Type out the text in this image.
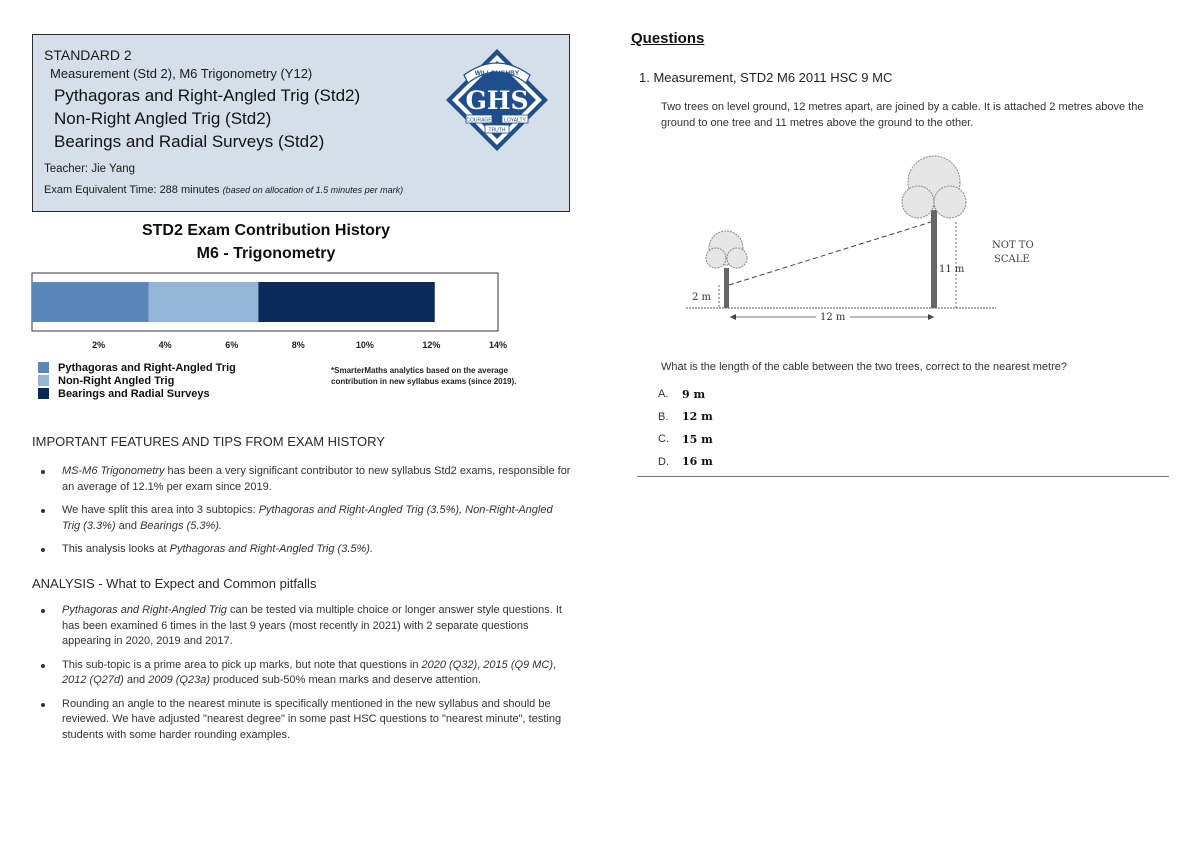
STANDARD 2
Measurement (Std 2), M6 Trigonometry (Y12)
Pythagoras and Right-Angled Trig (Std2)
Non-Right Angled Trig (Std2)
Bearings and Radial Surveys (Std2)
Teacher: Jie Yang
Exam Equivalent Time: 288 minutes (based on allocation of 1.5 minutes per mark)
GHS
WILLOUGHBY
COURAGE LOYALTY
TRUTH
STD2 Exam Contribution History
M6 - Trigonometry
2%	4%	6%	8%	10%	12%	14%
Pythagoras and Right-Angled Trig
Non-Right Angled Trig
Bearings and Radial Surveys
*SmarterMaths analytics based on the average contribution in new syllabus exams (since 2019).
IMPORTANT FEATURES AND TIPS FROM EXAM HISTORY
MS-M6 Trigonometry has been a very significant contributor to new syllabus Std2 exams, responsible for an average of 12.1% per exam since 2019.
We have split this area into 3 subtopics: Pythagoras and Right-Angled Trig (3.5%), Non-Right-Angled Trig (3.3%) and Bearings (5.3%).
This analysis looks at Pythagoras and Right-Angled Trig (3.5%).
ANALYSIS - What to Expect and Common pitfalls
Pythagoras and Right-Angled Trig can be tested via multiple choice or longer answer style questions. It has been examined 6 times in the last 9 years (most recently in 2021) with 2 separate questions appearing in 2020, 2019 and 2017.
This sub-topic is a prime area to pick up marks, but note that questions in 2020 (Q32), 2015 (Q9 MC), 2012 (Q27d) and 2009 (Q23a) produced sub-50% mean marks and deserve attention.
Rounding an angle to the nearest minute is specifically mentioned in the new syllabus and should be reviewed. We have adjusted "nearest degree" in some past HSC questions to "nearest minute", testing students with some harder rounding examples.
Questions
1. Measurement, STD2 M6 2011 HSC 9 MC
Two trees on level ground, 12 metres apart, are joined by a cable. It is attached 2 metres above the ground to one tree and 11 metres above the ground to the other.
2 m
11 m
12 m
NOT TO
SCALE
What is the length of the cable between the two trees, correct to the nearest metre?
A.	9 m
B.	12 m
C.	15 m
D.	16 m
